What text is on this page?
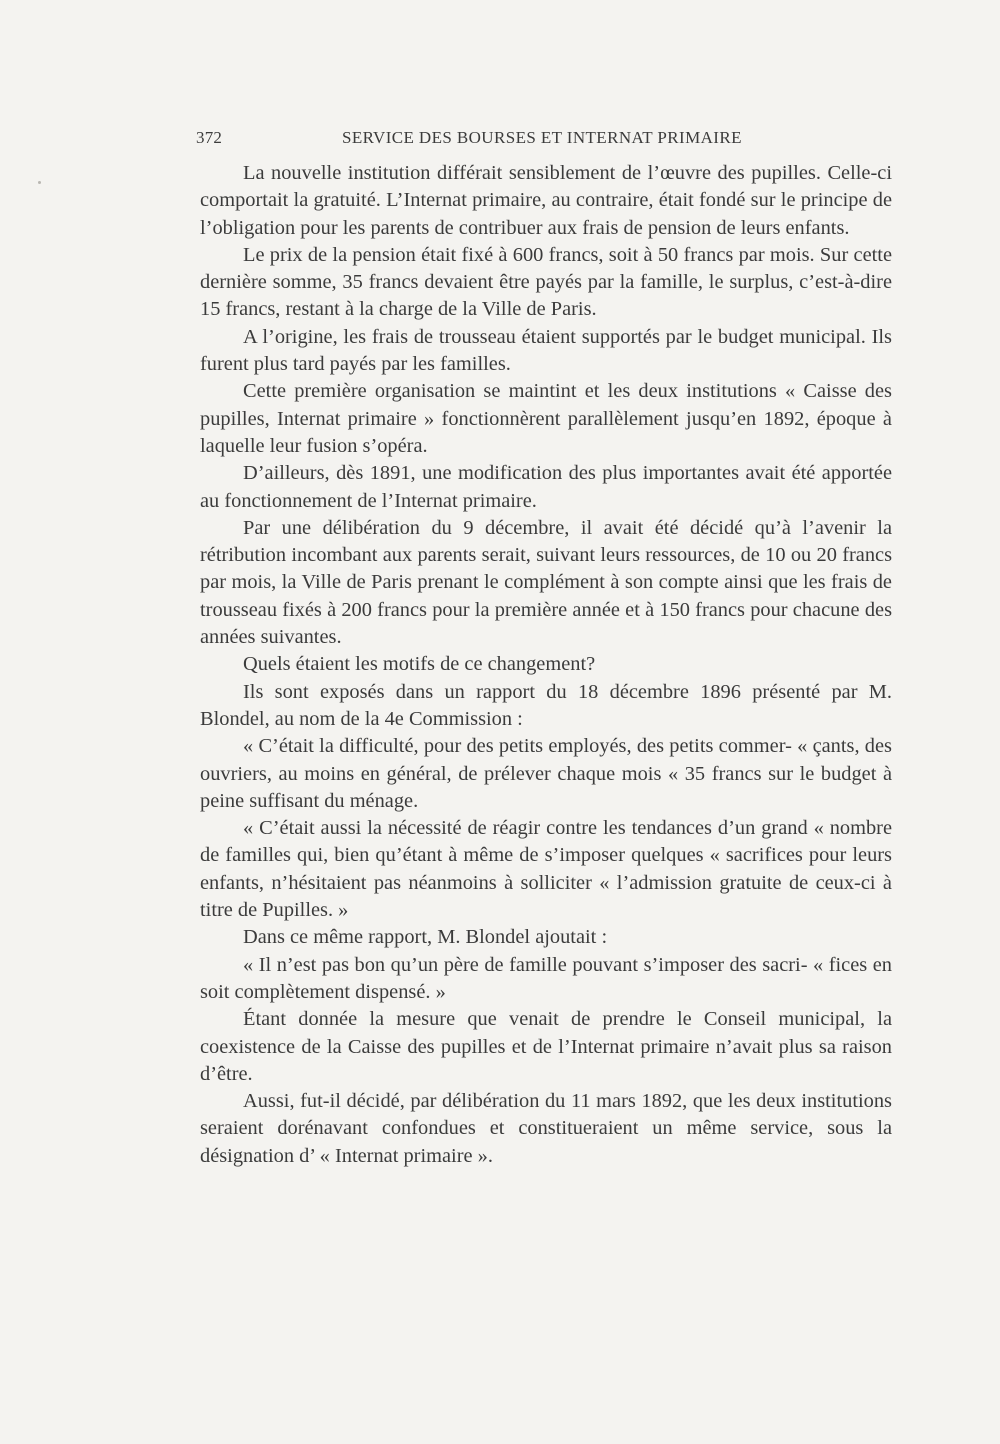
372	SERVICE DES BOURSES ET INTERNAT PRIMAIRE

La nouvelle institution différait sensiblement de l’œuvre des pupilles. Celle-ci comportait la gratuité. L’Internat primaire, au contraire, était fondé sur le principe de l’obligation pour les parents de contribuer aux frais de pension de leurs enfants.

Le prix de la pension était fixé à 600 francs, soit à 50 francs par mois. Sur cette dernière somme, 35 francs devaient être payés par la famille, le surplus, c’est-à-dire 15 francs, restant à la charge de la Ville de Paris.

A l’origine, les frais de trousseau étaient supportés par le budget municipal. Ils furent plus tard payés par les familles.

Cette première organisation se maintint et les deux institutions « Caisse des pupilles, Internat primaire » fonctionnèrent parallèlement jusqu’en 1892, époque à laquelle leur fusion s’opéra.

D’ailleurs, dès 1891, une modification des plus importantes avait été apportée au fonctionnement de l’Internat primaire.

Par une délibération du 9 décembre, il avait été décidé qu’à l’avenir la rétribution incombant aux parents serait, suivant leurs ressources, de 10 ou 20 francs par mois, la Ville de Paris prenant le complément à son compte ainsi que les frais de trousseau fixés à 200 francs pour la première année et à 150 francs pour chacune des années suivantes.

Quels étaient les motifs de ce changement?

Ils sont exposés dans un rapport du 18 décembre 1896 présenté par M. Blondel, au nom de la 4e Commission :

« C’était la difficulté, pour des petits employés, des petits commer- « çants, des ouvriers, au moins en général, de prélever chaque mois « 35 francs sur le budget à peine suffisant du ménage.

« C’était aussi la nécessité de réagir contre les tendances d’un grand « nombre de familles qui, bien qu’étant à même de s’imposer quelques « sacrifices pour leurs enfants, n’hésitaient pas néanmoins à solliciter « l’admission gratuite de ceux-ci à titre de Pupilles. »

Dans ce même rapport, M. Blondel ajoutait :

« Il n’est pas bon qu’un père de famille pouvant s’imposer des sacri- « fices en soit complètement dispensé. »

Étant donnée la mesure que venait de prendre le Conseil municipal, la coexistence de la Caisse des pupilles et de l’Internat primaire n’avait plus sa raison d’être.

Aussi, fut-il décidé, par délibération du 11 mars 1892, que les deux institutions seraient dorénavant confondues et constitueraient un même service, sous la désignation d’ « Internat primaire ».
